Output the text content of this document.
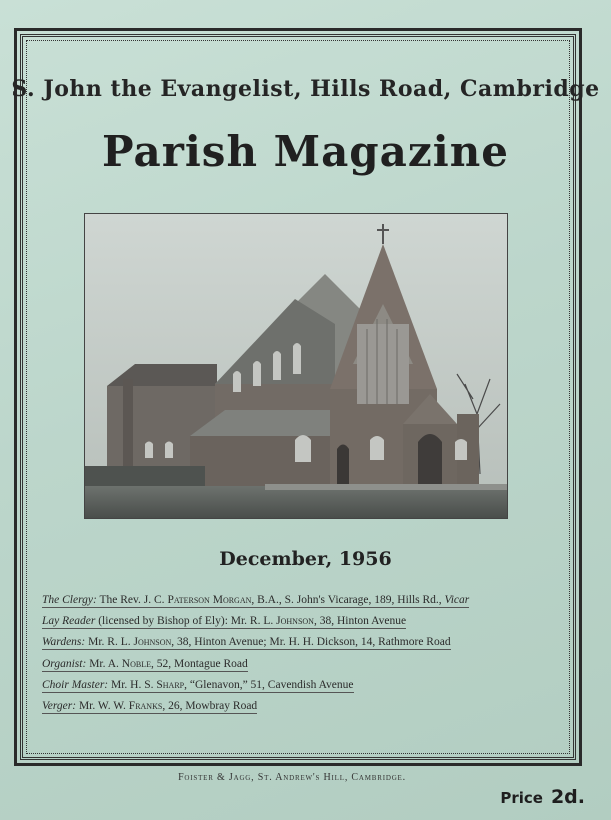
S. John the Evangelist, Hills Road, Cambridge
Parish Magazine
December, 1956
The Clergy: The Rev. J. C. Paterson Morgan, B.A., S. John's Vicarage, 189, Hills Rd., Vicar
Lay Reader (licensed by Bishop of Ely): Mr. R. L. Johnson, 38, Hinton Avenue
Wardens: Mr. R. L. Johnson, 38, Hinton Avenue; Mr. H. H. Dickson, 14, Rathmore Road
Organist: Mr. A. Noble, 52, Montague Road
Choir Master: Mr. H. S. Sharp, “Glenavon,” 51, Cavendish Avenue
Verger: Mr. W. W. Franks, 26, Mowbray Road
Foister & Jagg, St. Andrew's Hill, Cambridge.
Price 2d.
